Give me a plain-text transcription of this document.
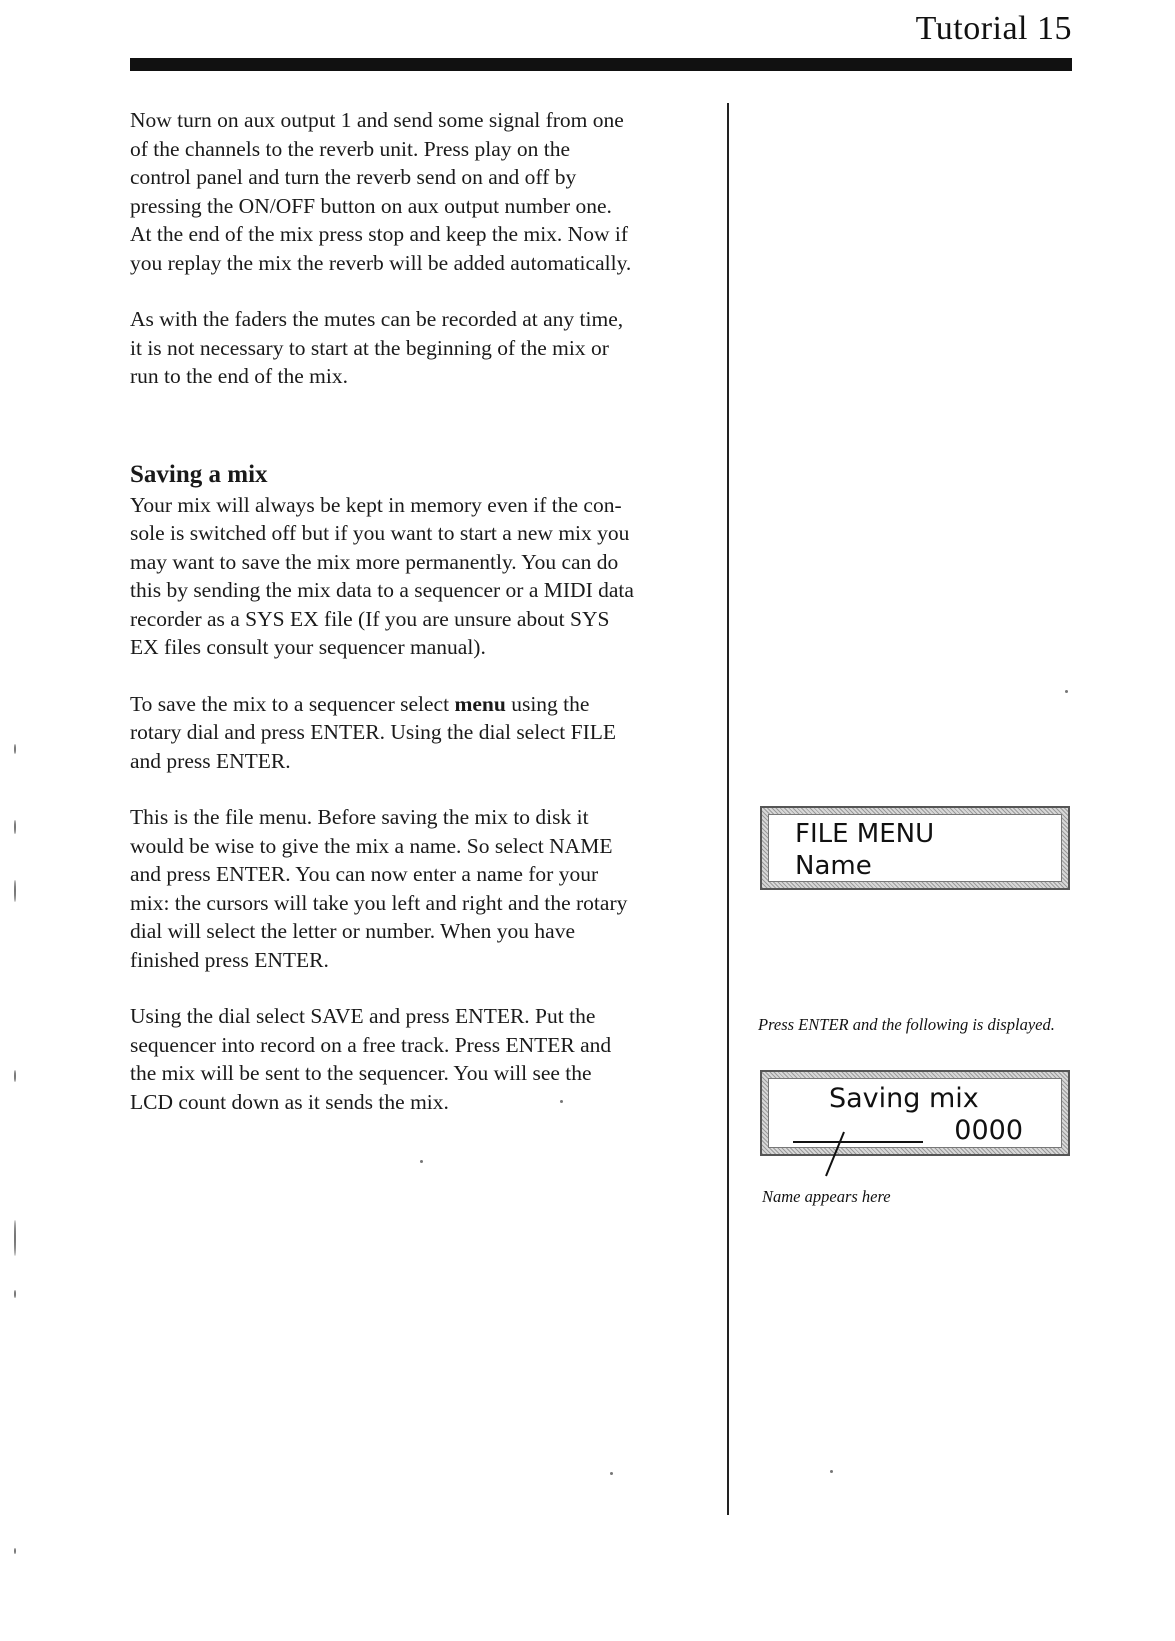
Tutorial 15

Now turn on aux output 1 and send some signal from one
of the channels to the reverb unit. Press play on the
control panel and turn the reverb send on and off by
pressing the ON/OFF button on aux output number one.
At the end of the mix press stop and keep the mix. Now if
you replay the mix the reverb will be added automatically.

As with the faders the mutes can be recorded at any time,
it is not necessary to start at the beginning of the mix or
run to the end of the mix.

Saving a mix

Your mix will always be kept in memory even if the con-
sole is switched off but if you want to start a new mix you
may want to save the mix more permanently. You can do
this by sending the mix data to a sequencer or a MIDI data
recorder as a SYS EX file (If you are unsure about SYS
EX files consult your sequencer manual).

To save the mix to a sequencer select menu using the
rotary dial and press ENTER. Using the dial select FILE
and press ENTER.

This is the file menu. Before saving the mix to disk it
would be wise to give the mix a name. So select NAME
and press ENTER. You can now enter a name for your
mix: the cursors will take you left and right and the rotary
dial will select the letter or number. When you have
finished press ENTER.

Using the dial select SAVE and press ENTER. Put the
sequencer into record on a free track. Press ENTER and
the mix will be sent to the sequencer. You will see the
LCD count down as it sends the mix.

FILE MENU
Name
Press ENTER and the following is displayed.
Saving mix
0000
Name appears here
